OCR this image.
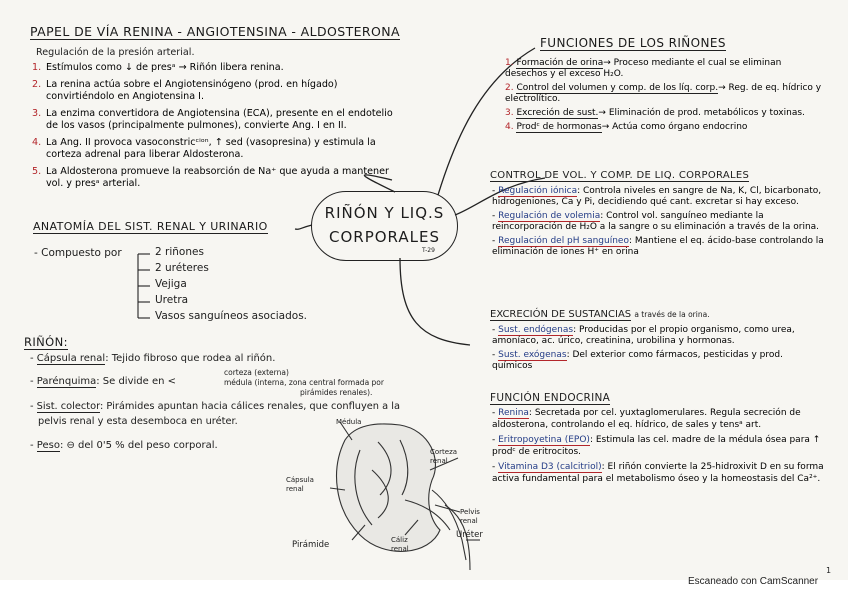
PAPEL DE VÍA RENINA - ANGIOTENSINA - ALDOSTERONA
Regulación de la presión arterial.
1. Estímulos como ↓ de presᵃ → Riñón libera renina.
2. La renina actúa sobre el Angiotensinógeno (prod. en hígado) convirtiéndolo en Angiotensina I.
3. La enzima convertidora de Angiotensina (ECA), presente en el endotelio de los vasos (principalmente pulmones), convierte Ang. I en II.
4. La Ang. II provoca vasoconstricᶜⁱᵒⁿ, ↑ sed (vasopresina) y estimula la corteza adrenal para liberar Aldosterona.
5. La Aldosterona promueve la reabsorción de Na⁺ que ayuda a mantener vol. y presᵃ arterial.
RIÑÓN Y LIQ.S
CORPORALES
T-29
ANATOMÍA DEL SIST. RENAL Y URINARIO
- Compuesto por	2 riñones
2 uréteres
Vejiga
Uretra
Vasos sanguíneos asociados.
RIÑÓN:
- Cápsula renal: Tejido fibroso que rodea al riñón.
- Parénquima: Se divide en <
corteza (externa)
médula (interna, zona central formada por
pirámides renales).
- Sist. colector: Pirámides apuntan hacia cálices renales, que confluyen a la
pelvis renal y esta desemboca en uréter.
- Peso: ⊖ del 0'5 % del peso corporal.
Médula
Corteza renal
Cápsula renal
Pelvis renal
Cáliz renal
Uréter
Pirámide
FUNCIONES DE LOS RIÑONES
1. Formación de orina→ Proceso mediante el cual se eliminan desechos y el exceso H₂O.
2. Control del volumen y comp. de los líq. corp.→ Reg. de eq. hídrico y electrolítico.
3. Excreción de sust.→ Eliminación de prod. metabólicos y toxinas.
4. Prodᶜ de hormonas→ Actúa como órgano endocrino
CONTROL DE VOL. Y COMP. DE LIQ. CORPORALES
- Regulación iónica: Controla niveles en sangre de Na, K, Cl, bicarbonato, hidrogeniones, Ca y Pi, decidiendo qué cant. excretar si hay exceso.
- Regulación de volemia: Control vol. sanguíneo mediante la reincorporación de H₂O a la sangre o su eliminación a través de la orina.
- Regulación del pH sanguíneo: Mantiene el eq. ácido-base controlando la eliminación de iones H⁺ en orina
EXCRECIÓN DE SUSTANCIAS a través de la orina.
- Sust. endógenas: Producidas por el propio organismo, como urea, amoníaco, ac. úrico, creatinina, urobilina y hormonas.
- Sust. exógenas: Del exterior como fármacos, pesticidas y prod. químicos
FUNCIÓN ENDOCRINA
- Renina: Secretada por cel. yuxtaglomerulares. Regula secreción de aldosterona, controlando el eq. hídrico, de sales y tensᵃ art.
- Eritropoyetina (EPO): Estimula las cel. madre de la médula ósea para ↑ prodᶜ de eritrocitos.
- Vitamina D3 (calcitriol): El riñón convierte la 25-hidroxivit D en su forma activa fundamental para el metabolismo óseo y la homeostasis del Ca²⁺.
1
Escaneado con CamScanner
